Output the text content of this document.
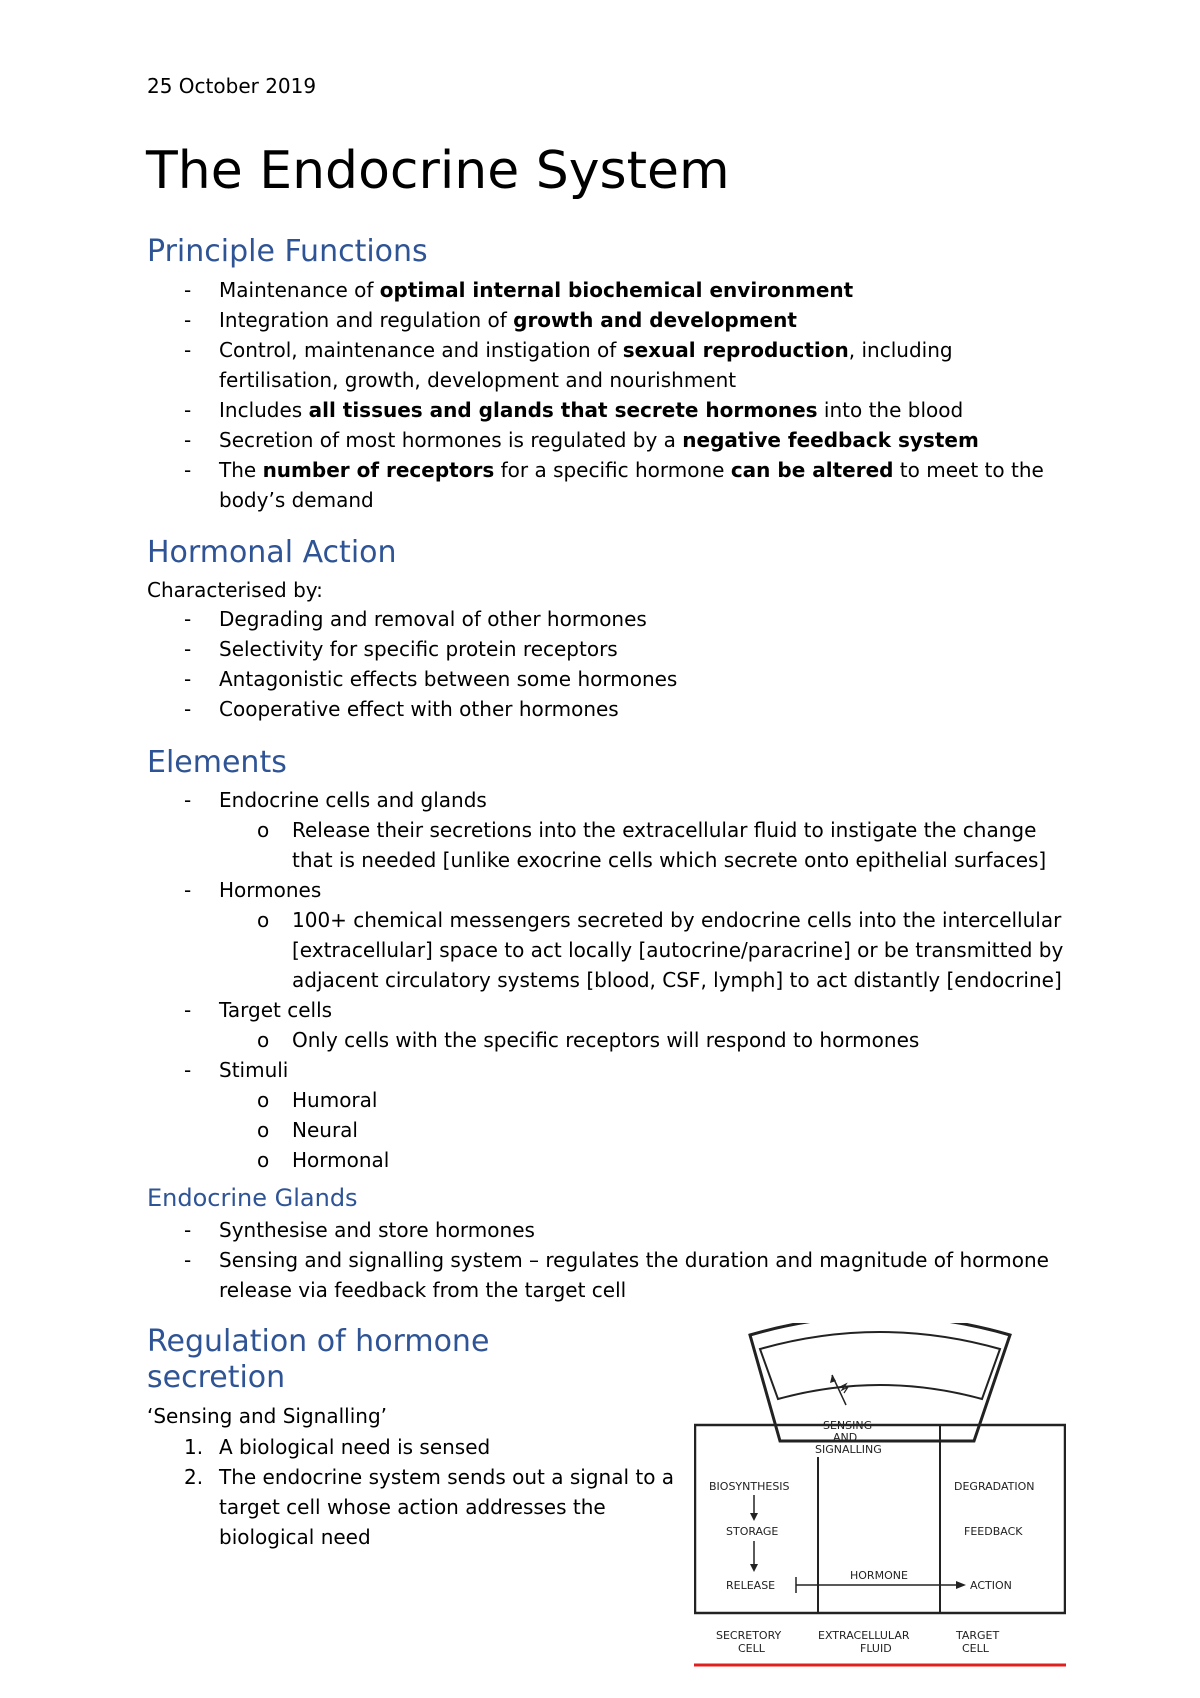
25 October 2019
The Endocrine System
Principle Functions
- Maintenance of optimal internal biochemical environment
- Integration and regulation of growth and development
- Control, maintenance and instigation of sexual reproduction, including fertilisation, growth, development and nourishment
- Includes all tissues and glands that secrete hormones into the blood
- Secretion of most hormones is regulated by a negative feedback system
- The number of receptors for a specific hormone can be altered to meet to the body’s demand
Hormonal Action
Characterised by:
- Degrading and removal of other hormones
- Selectivity for specific protein receptors
- Antagonistic effects between some hormones
- Cooperative effect with other hormones
Elements
- Endocrine cells and glands
o Release their secretions into the extracellular fluid to instigate the change that is needed [unlike exocrine cells which secrete onto epithelial surfaces]
- Hormones
o 100+ chemical messengers secreted by endocrine cells into the intercellular [extracellular] space to act locally [autocrine/paracrine] or be transmitted by adjacent circulatory systems [blood, CSF, lymph] to act distantly [endocrine]
- Target cells
o Only cells with the specific receptors will respond to hormones
- Stimuli
o Humoral
o Neural
o Hormonal
Endocrine Glands
- Synthesise and store hormones
- Sensing and signalling system – regulates the duration and magnitude of hormone release via feedback from the target cell
Regulation of hormone secretion
‘Sensing and Signalling’
1. A biological need is sensed
2. The endocrine system sends out a signal to a target cell whose action addresses the biological need
SENSING
AND
SIGNALLING
BIOSYNTHESIS
STORAGE
RELEASE
HORMONE
DEGRADATION
FEEDBACK
ACTION
SECRETORY
CELL
EXTRACELLULAR
FLUID
TARGET
CELL
